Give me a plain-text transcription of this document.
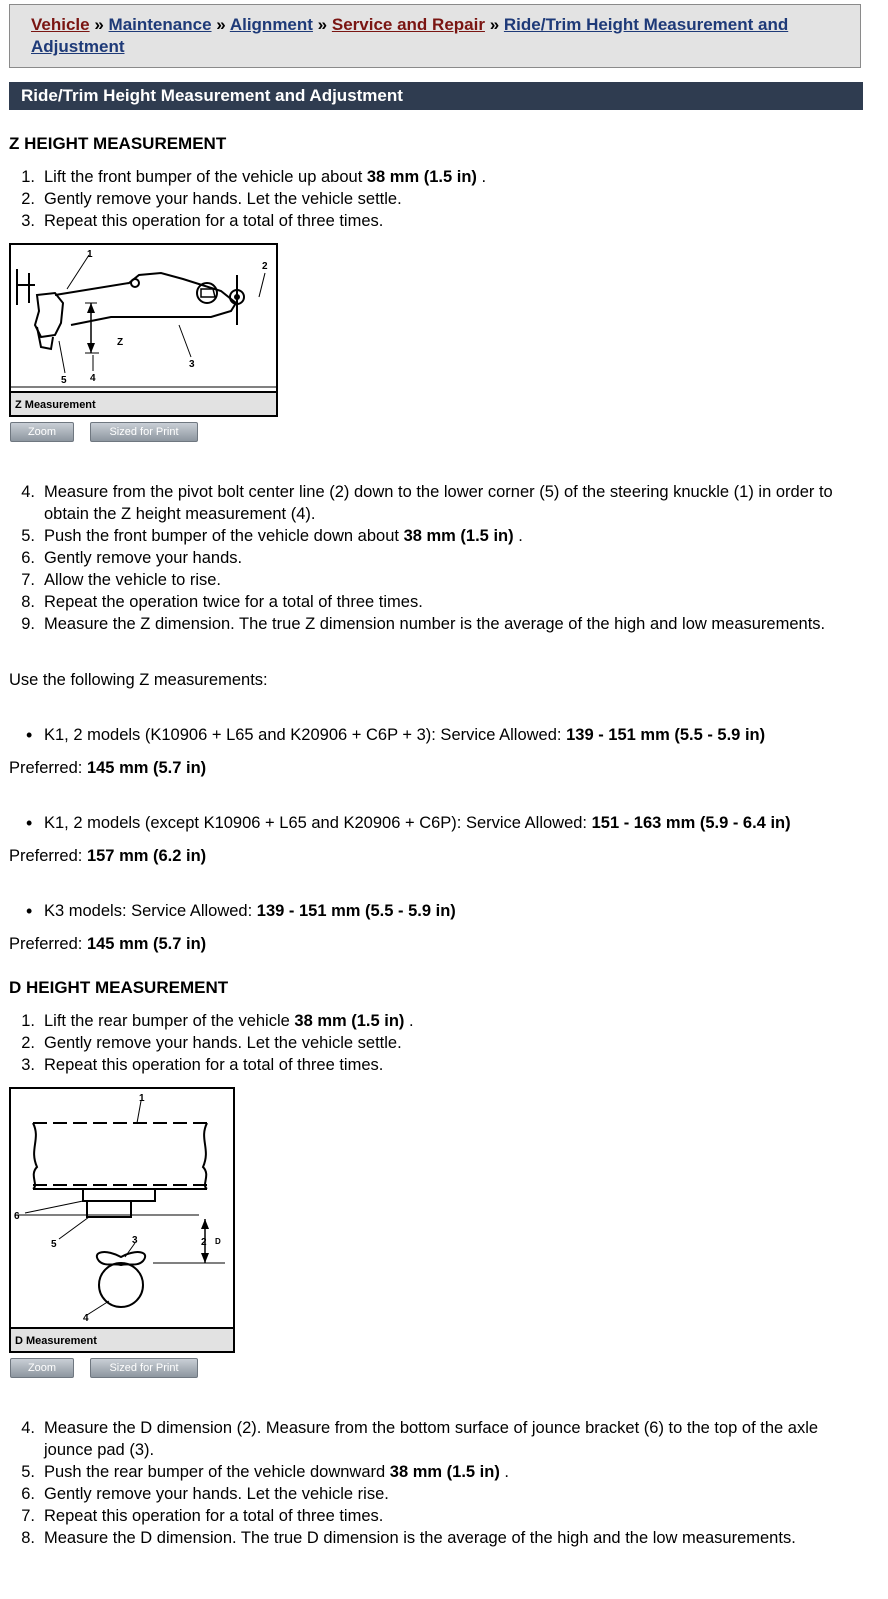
Vehicle » Maintenance » Alignment » Service and Repair » Ride/Trim Height Measurement and Adjustment
Ride/Trim Height Measurement and Adjustment
Z HEIGHT MEASUREMENT
1. Lift the front bumper of the vehicle up about 38 mm (1.5 in) .
2. Gently remove your hands. Let the vehicle settle.
3. Repeat this operation for a total of three times.
1
2
3
4
5
Z
Z Measurement
Zoom	Sized for Print
4. Measure from the pivot bolt center line (2) down to the lower corner (5) of the steering knuckle (1) in order to obtain the Z height measurement (4).
5. Push the front bumper of the vehicle down about 38 mm (1.5 in) .
6. Gently remove your hands.
7. Allow the vehicle to rise.
8. Repeat the operation twice for a total of three times.
9. Measure the Z dimension. The true Z dimension number is the average of the high and low measurements.
Use the following Z measurements:
• K1, 2 models (K10906 + L65 and K20906 + C6P + 3): Service Allowed: 139 - 151 mm (5.5 - 5.9 in)
Preferred: 145 mm (5.7 in)
• K1, 2 models (except K10906 + L65 and K20906 + C6P): Service Allowed: 151 - 163 mm (5.9 - 6.4 in)
Preferred: 157 mm (6.2 in)
• K3 models: Service Allowed: 139 - 151 mm (5.5 - 5.9 in)
Preferred: 145 mm (5.7 in)
D HEIGHT MEASUREMENT
1. Lift the rear bumper of the vehicle 38 mm (1.5 in) .
2. Gently remove your hands. Let the vehicle settle.
3. Repeat this operation for a total of three times.
1
2
3
4
5
6
D
D Measurement
Zoom	Sized for Print
4. Measure the D dimension (2). Measure from the bottom surface of jounce bracket (6) to the top of the axle jounce pad (3).
5. Push the rear bumper of the vehicle downward 38 mm (1.5 in) .
6. Gently remove your hands. Let the vehicle rise.
7. Repeat this operation for a total of three times.
8. Measure the D dimension. The true D dimension is the average of the high and the low measurements.
